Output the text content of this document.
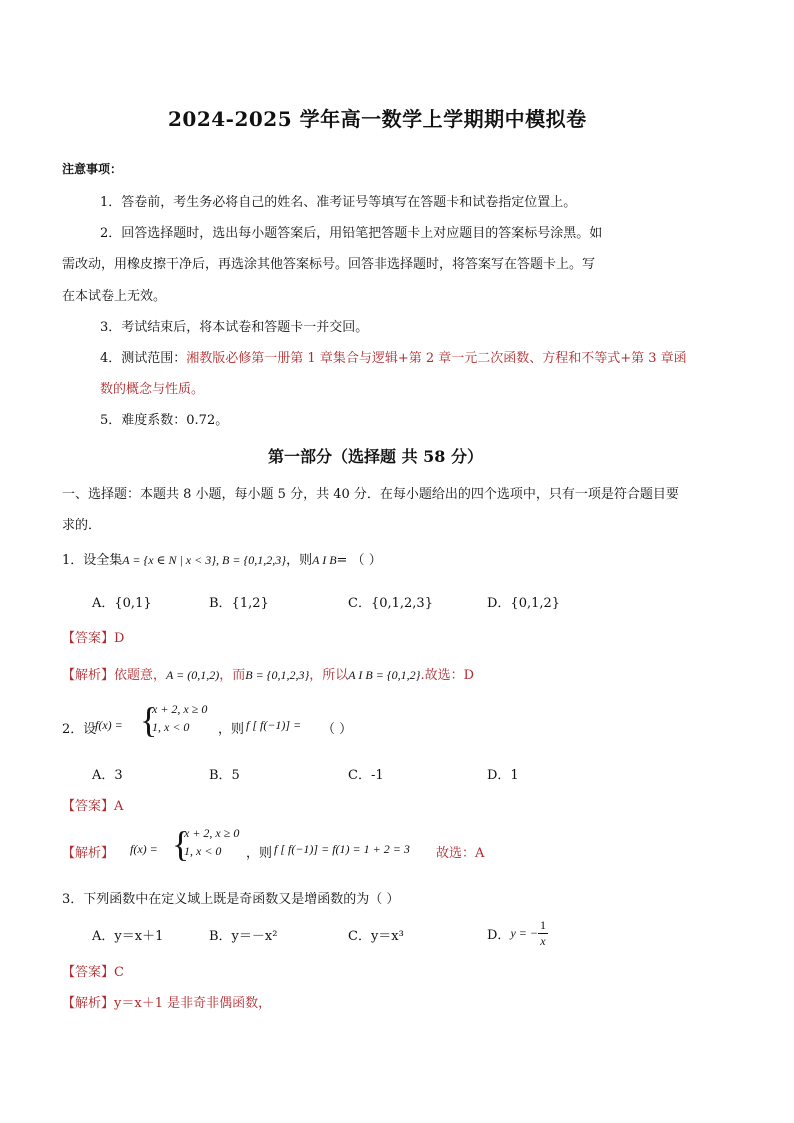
2024-2025 学年高一数学上学期期中模拟卷
注意事项：
1．答卷前，考生务必将自己的姓名、准考证号等填写在答题卡和试卷指定位置上。
2．回答选择题时，选出每小题答案后，用铅笔把答题卡上对应题目的答案标号涂黑。如
需改动，用橡皮擦干净后，再选涂其他答案标号。回答非选择题时，将答案写在答题卡上。写
在本试卷上无效。
3．考试结束后，将本试卷和答题卡一并交回。
4．测试范围：湘教版必修第一册第 1 章集合与逻辑+第 2 章一元二次函数、方程和不等式+第 3 章函
数的概念与性质。
5．难度系数：0.72。
第一部分（选择题 共 58 分）
一、选择题：本题共 8 小题，每小题 5 分，共 40 分．在每小题给出的四个选项中，只有一项是符合题目要
求的．
1．设全集A = {x ∈ N | x < 3}, B = {0,1,2,3}，则A I B= （ ）
A．{0,1}	B．{1,2}	C．{0,1,2,3}	D．{0,1,2}
【答案】D
【解析】依题意，A = (0,1,2)，而B = {0,1,2,3}，所以A I B = {0,1,2}.故选：D
2．设
f(x) = {
x + 2, x ≥ 0
1, x < 0	，则 f [ f(−1)] = （ ）
A．3	B．5	C．-1	D．1
【答案】A
【解析】 f(x) = {
x + 2, x ≥ 0
1, x < 0	，则 f [ f(−1)] = f(1) = 1 + 2 = 3 故选：A
3．下列函数中在定义域上既是奇函数又是增函数的为（ ）
A．y＝x＋1	B．y＝－x²	C．y＝x³	D．y = − $\frac{1}{x}$
【答案】C
【解析】y＝x＋1 是非奇非偶函数，
